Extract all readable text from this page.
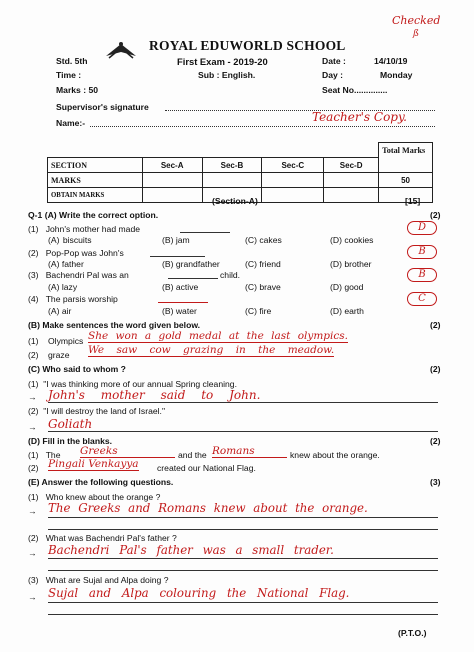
Checked
ß
ROYAL EDUWORLD SCHOOL
Std. 5th	First Exam - 2019-20	Date :	14/10/19
Time :	Sub : English.	Day :	Monday
Marks : 50	Seat No..............
Supervisor's signature
Name:-	Teacher's Copy.
					Total Marks
SECTION	Sec-A	Sec-B	Sec-C	Sec-D	
MARKS					50
OBTAIN MARKS					
(Section-A)	[15]
Q-1 (A) Write the correct option.	(2)
(1) John's mother had made
(A) biscuits	(B) jam	(C) cakes	(D) cookies
D
(2) Pop-Pop was John's
(A) father	(B) grandfather	(C) friend	(D) brother
B
(3) Bachendri Pal was an	child.
(A) lazy	(B) active	(C) brave	(D) good
B
(4) The parsis worship
(A) air	(B) water	(C) fire	(D) earth
C
(B) Make sentences the word given below.	(2)
(1) Olympics She won a gold medal at the last olympics.
(2) graze We saw cow grazing in the meadow.
(C) Who said to whom ?	(2)
(1) "I was thinking more of our annual Spring cleaning.
→ John's mother said to John.
(2) "I will destroy the land of Israel."
→ Goliath
(D) Fill in the blanks.	(2)
(1) The Greeks	and the Romans	knew about the orange.
(2) Pingali Venkayya created our National Flag.
(E) Answer the following questions.	(3)
(1) Who knew about the orange ?
→ The Greeks and Romans knew about the orange.
(2) What was Bachendri Pal's father ?
→ Bachendri Pal's father was a small trader.
(3) What are Sujal and Alpa doing ?
→ Sujal and Alpa colouring the National Flag.
(P.T.O.)
